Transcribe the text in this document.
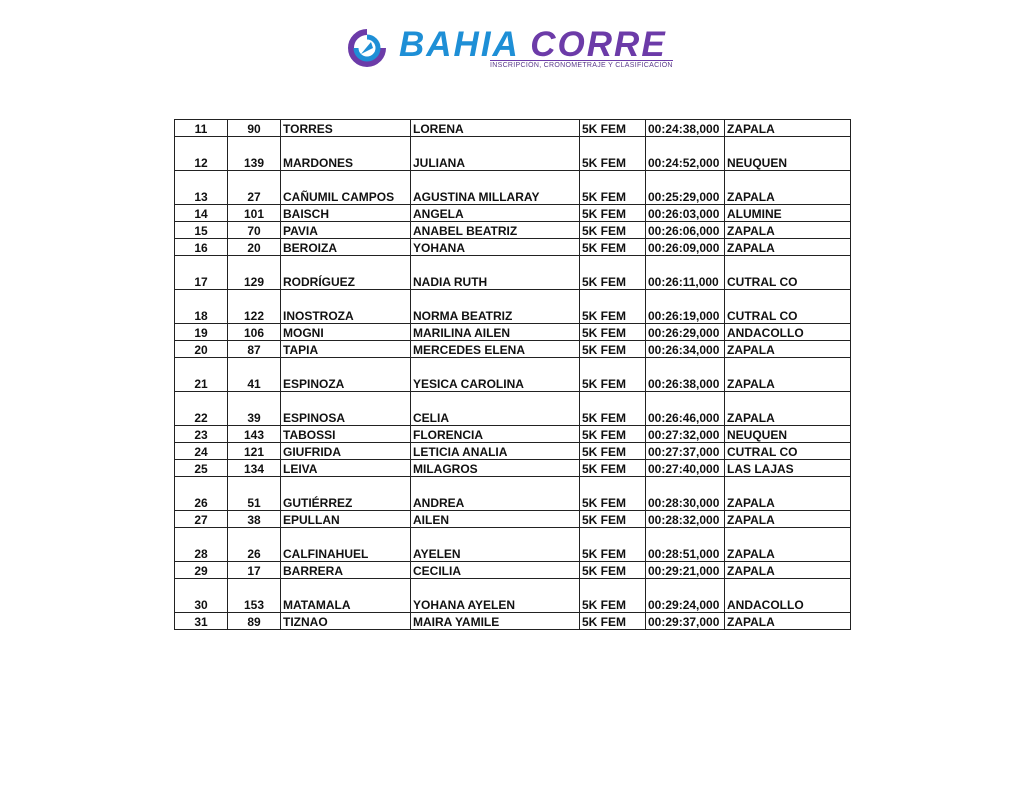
BAHIA CORRE
INSCRIPCIÓN, CRONOMETRAJE Y CLASIFICACIÓN
11	90	TORRES	LORENA	5K FEM	00:24:38,000	ZAPALA
12	139	MARDONES	JULIANA	5K FEM	00:24:52,000	NEUQUEN
13	27	CAÑUMIL CAMPOS	AGUSTINA MILLARAY	5K FEM	00:25:29,000	ZAPALA
14	101	BAISCH	ANGELA	5K FEM	00:26:03,000	ALUMINE
15	70	PAVIA	ANABEL BEATRIZ	5K FEM	00:26:06,000	ZAPALA
16	20	BEROIZA	YOHANA	5K FEM	00:26:09,000	ZAPALA
17	129	RODRÍGUEZ	NADIA RUTH	5K FEM	00:26:11,000	CUTRAL CO
18	122	INOSTROZA	NORMA BEATRIZ	5K FEM	00:26:19,000	CUTRAL CO
19	106	MOGNI	MARILINA AILEN	5K FEM	00:26:29,000	ANDACOLLO
20	87	TAPIA	MERCEDES ELENA	5K FEM	00:26:34,000	ZAPALA
21	41	ESPINOZA	YESICA CAROLINA	5K FEM	00:26:38,000	ZAPALA
22	39	ESPINOSA	CELIA	5K FEM	00:26:46,000	ZAPALA
23	143	TABOSSI	FLORENCIA	5K FEM	00:27:32,000	NEUQUEN
24	121	GIUFRIDA	LETICIA ANALIA	5K FEM	00:27:37,000	CUTRAL CO
25	134	LEIVA	MILAGROS	5K FEM	00:27:40,000	LAS LAJAS
26	51	GUTIÉRREZ	ANDREA	5K FEM	00:28:30,000	ZAPALA
27	38	EPULLAN	AILEN	5K FEM	00:28:32,000	ZAPALA
28	26	CALFINAHUEL	AYELEN	5K FEM	00:28:51,000	ZAPALA
29	17	BARRERA	CECILIA	5K FEM	00:29:21,000	ZAPALA
30	153	MATAMALA	YOHANA AYELEN	5K FEM	00:29:24,000	ANDACOLLO
31	89	TIZNAO	MAIRA YAMILE	5K FEM	00:29:37,000	ZAPALA
